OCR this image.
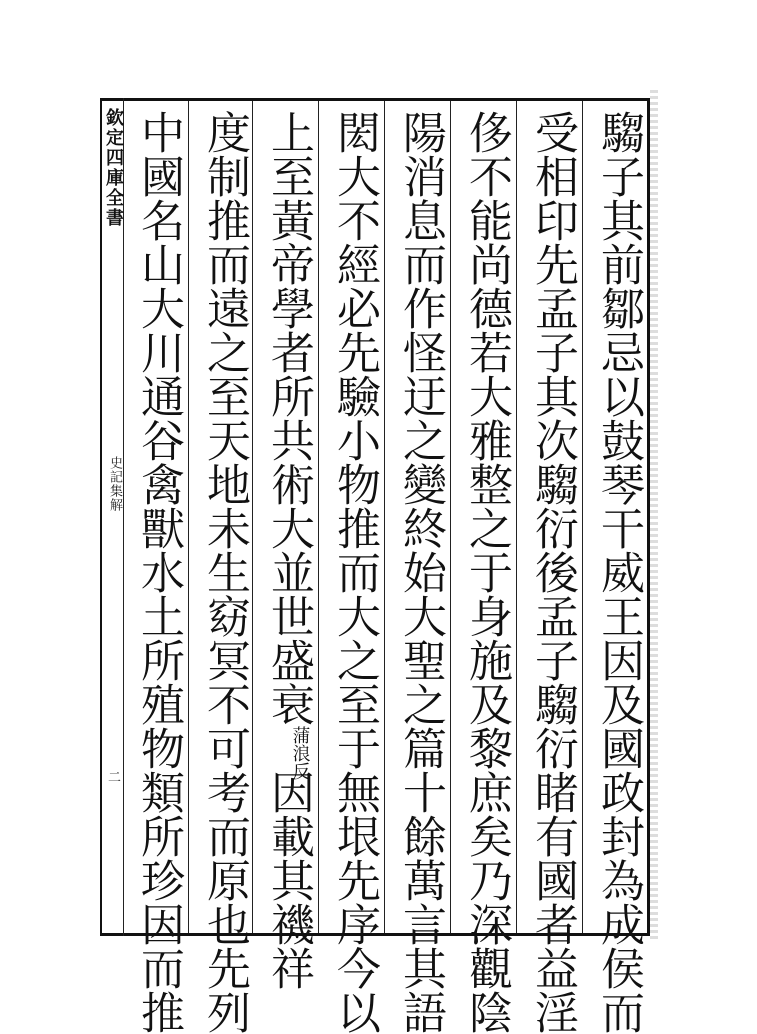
欽定四庫全書
史記集解
二	騶子其前鄒忌以鼓琴干威王因及國政封為成侯而
受相印先孟子其次騶衍後孟子騶衍睹有國者益淫
侈不能尚德若大雅整之于身施及黎庶矣乃深觀陰
陽消息而作怪迂之變終始大聖之篇十餘萬言其語
閎大不經必先驗小物推而大之至于無垠先序今以
上至黃帝學者所共術大並世盛衰蒲浪反因載其禨祥
度制推而遠之至天地未生窈冥不可考而原也先列
中國名山大川通谷禽獸水土所殖物類所珍因而推
